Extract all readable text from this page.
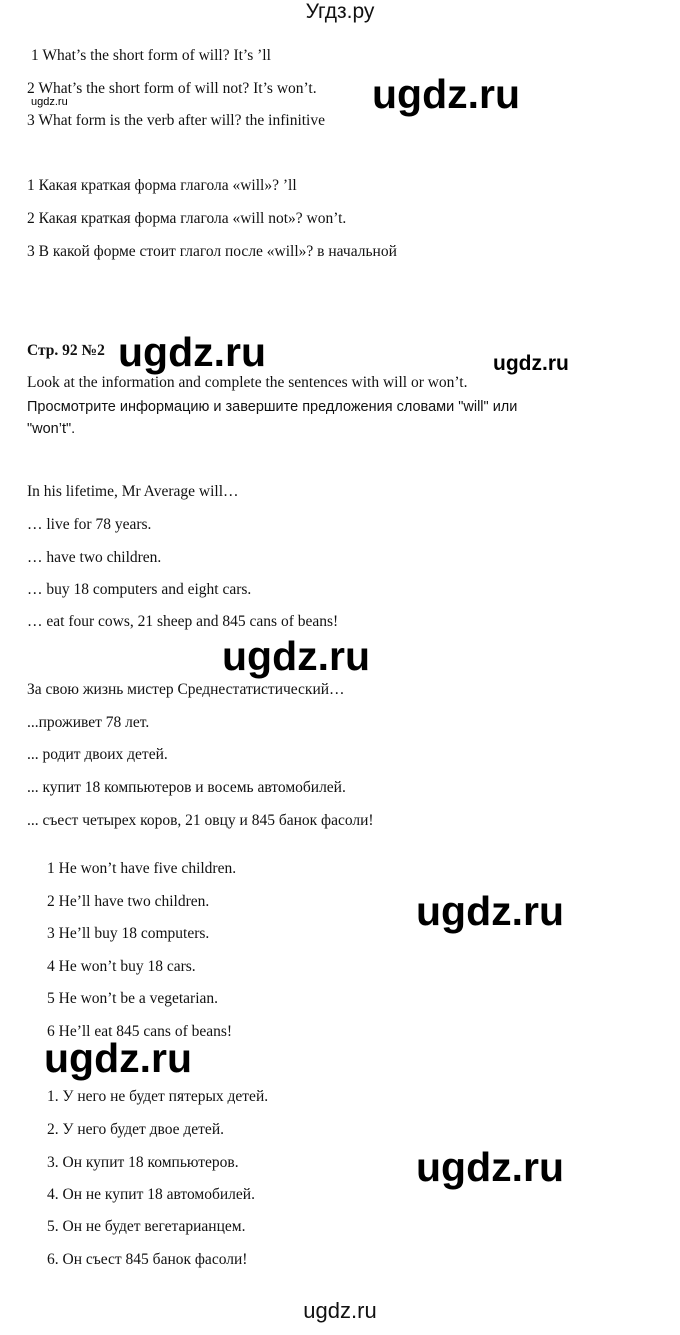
Угдз.ру
1 What’s the short form of will? It’s ’ll
2 What’s the short form of will not? It’s won’t.
3 What form is the verb after will? the infinitive
1 Какая краткая форма глагола «will»? ’ll
2 Какая краткая форма глагола «will not»? won’t.
3 В какой форме стоит глагол после «will»? в начальной
Стр. 92 №2
Look at the information and complete the sentences with will or won’t.
Просмотрите информацию и завершите предложения словами "will" или
"won’t".
In his lifetime, Mr Average will…
… live for 78 years.
… have two children.
… buy 18 computers and eight cars.
… eat four cows, 21 sheep and 845 cans of beans!
За свою жизнь мистер Среднестатистический…
...проживет 78 лет.
... родит двоих детей.
... купит 18 компьютеров и восемь автомобилей.
... съест четырех коров, 21 овцу и 845 банок фасоли!
1 He won’t have five children.
2 He’ll have two children.
3 He’ll buy 18 computers.
4 He won’t buy 18 cars.
5 He won’t be a vegetarian.
6 He’ll eat 845 cans of beans!
1. У него не будет пятерых детей.
2. У него будет двое детей.
3. Он купит 18 компьютеров.
4. Он не купит 18 автомобилей.
5. Он не будет вегетарианцем.
6. Он съест 845 банок фасоли!
ugdz.ru
ugdz.ru
ugdz.ru	ugdz.ru
ugdz.ru
ugdz.ru
ugdz.ru
ugdz.ru
ugdz.ru
